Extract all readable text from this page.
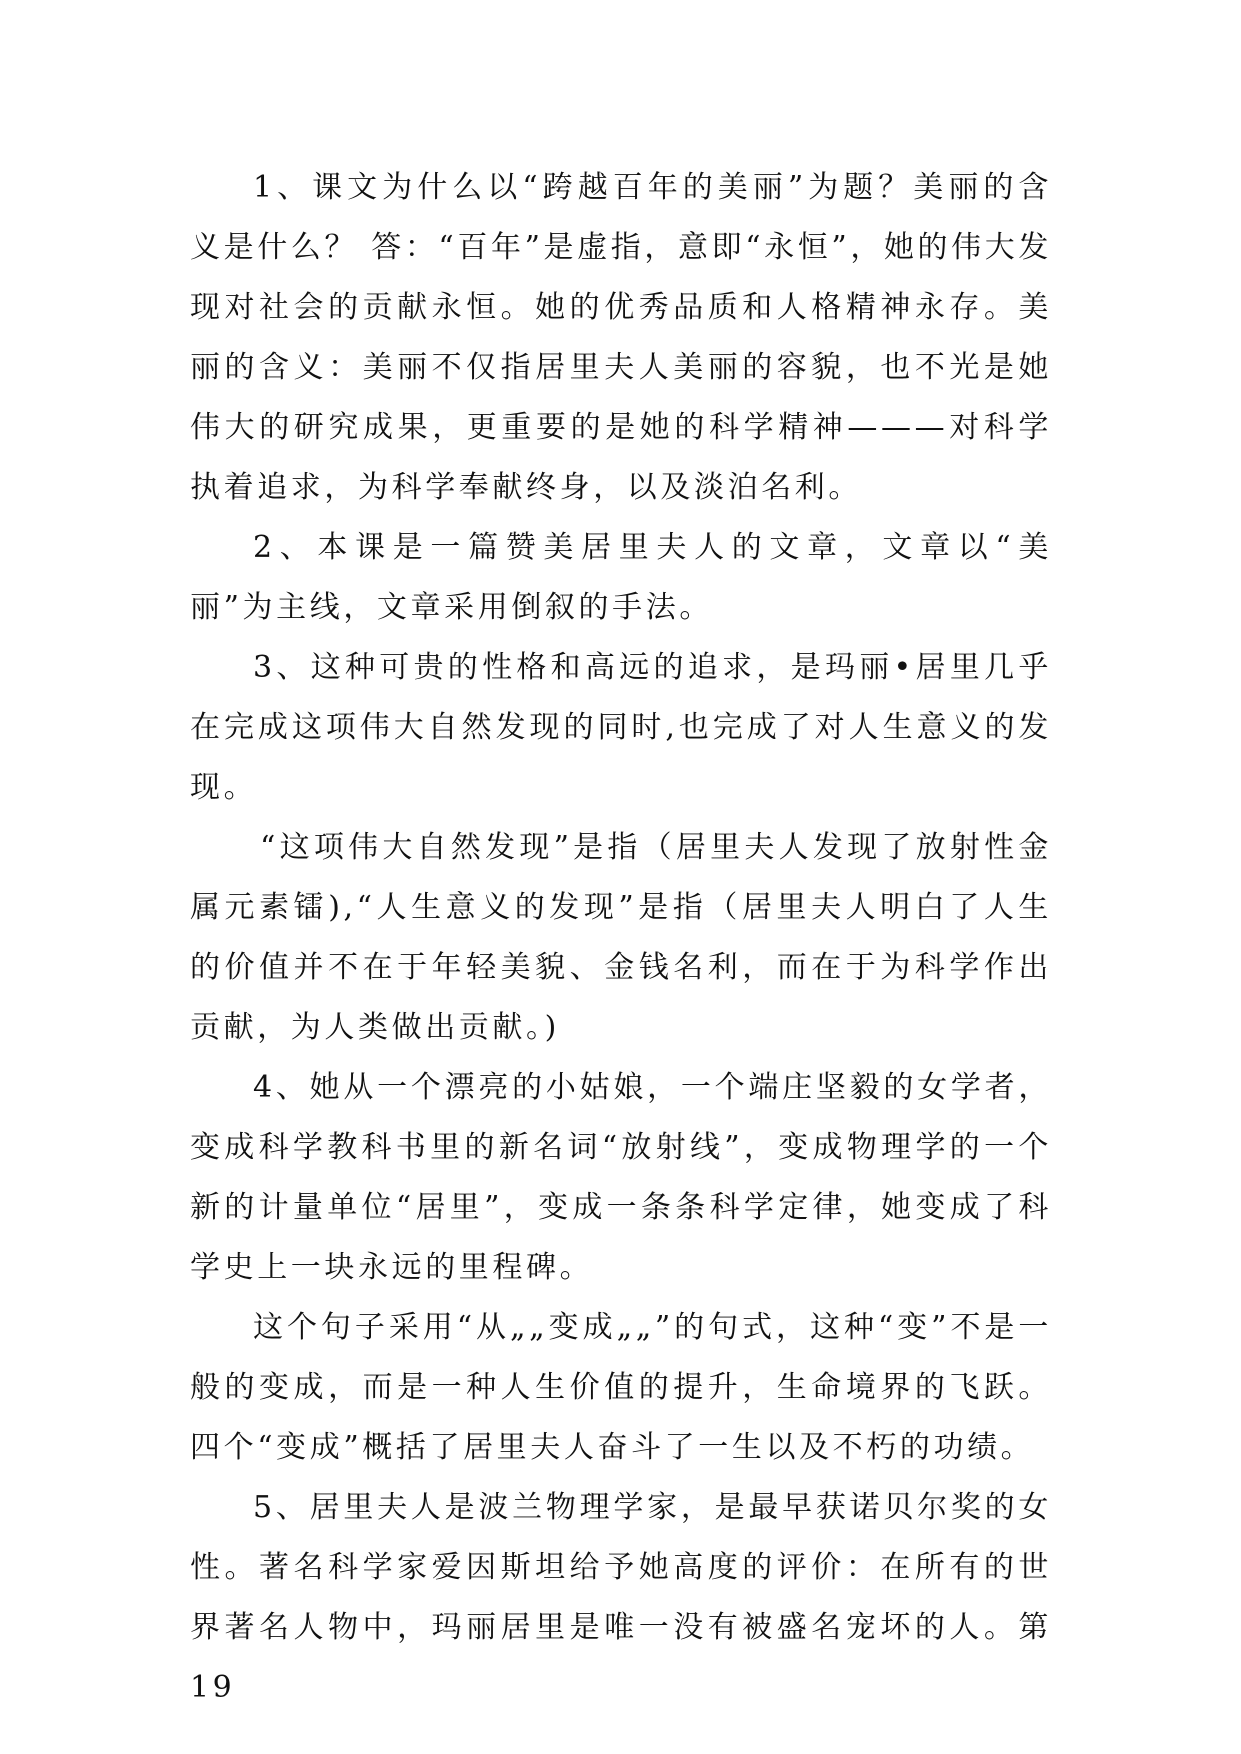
1、课文为什么以“跨越百年的美丽”为题？美丽的含义是什么？ 答：“百年”是虚指，意即“永恒”，她的伟大发现对社会的贡献永恒。她的优秀品质和人格精神永存。美丽的含义：美丽不仅指居里夫人美丽的容貌，也不光是她伟大的研究成果，更重要的是她的科学精神———对科学执着追求，为科学奉献终身，以及淡泊名利。

2、本课是一篇赞美居里夫人的文章，文章以“美丽”为主线，文章采用倒叙的手法。

3、这种可贵的性格和高远的追求，是玛丽•居里几乎在完成这项伟大自然发现的同时,也完成了对人生意义的发现。

“这项伟大自然发现”是指（居里夫人发现了放射性金属元素镭),“人生意义的发现”是指（居里夫人明白了人生的价值并不在于年轻美貌、金钱名利，而在于为科学作出贡献，为人类做出贡献。)

4、她从一个漂亮的小姑娘，一个端庄坚毅的女学者，变成科学教科书里的新名词“放射线”，变成物理学的一个新的计量单位“居里”，变成一条条科学定律，她变成了科学史上一块永远的里程碑。

这个句子采用“从„„变成„„”的句式，这种“变”不是一般的变成，而是一种人生价值的提升，生命境界的飞跃。四个“变成”概括了居里夫人奋斗了一生以及不朽的功绩。

5、居里夫人是波兰物理学家，是最早获诺贝尔奖的女性。著名科学家爱因斯坦给予她高度的评价：在所有的世界著名人物中，玛丽居里是唯一没有被盛名宠坏的人。第19
